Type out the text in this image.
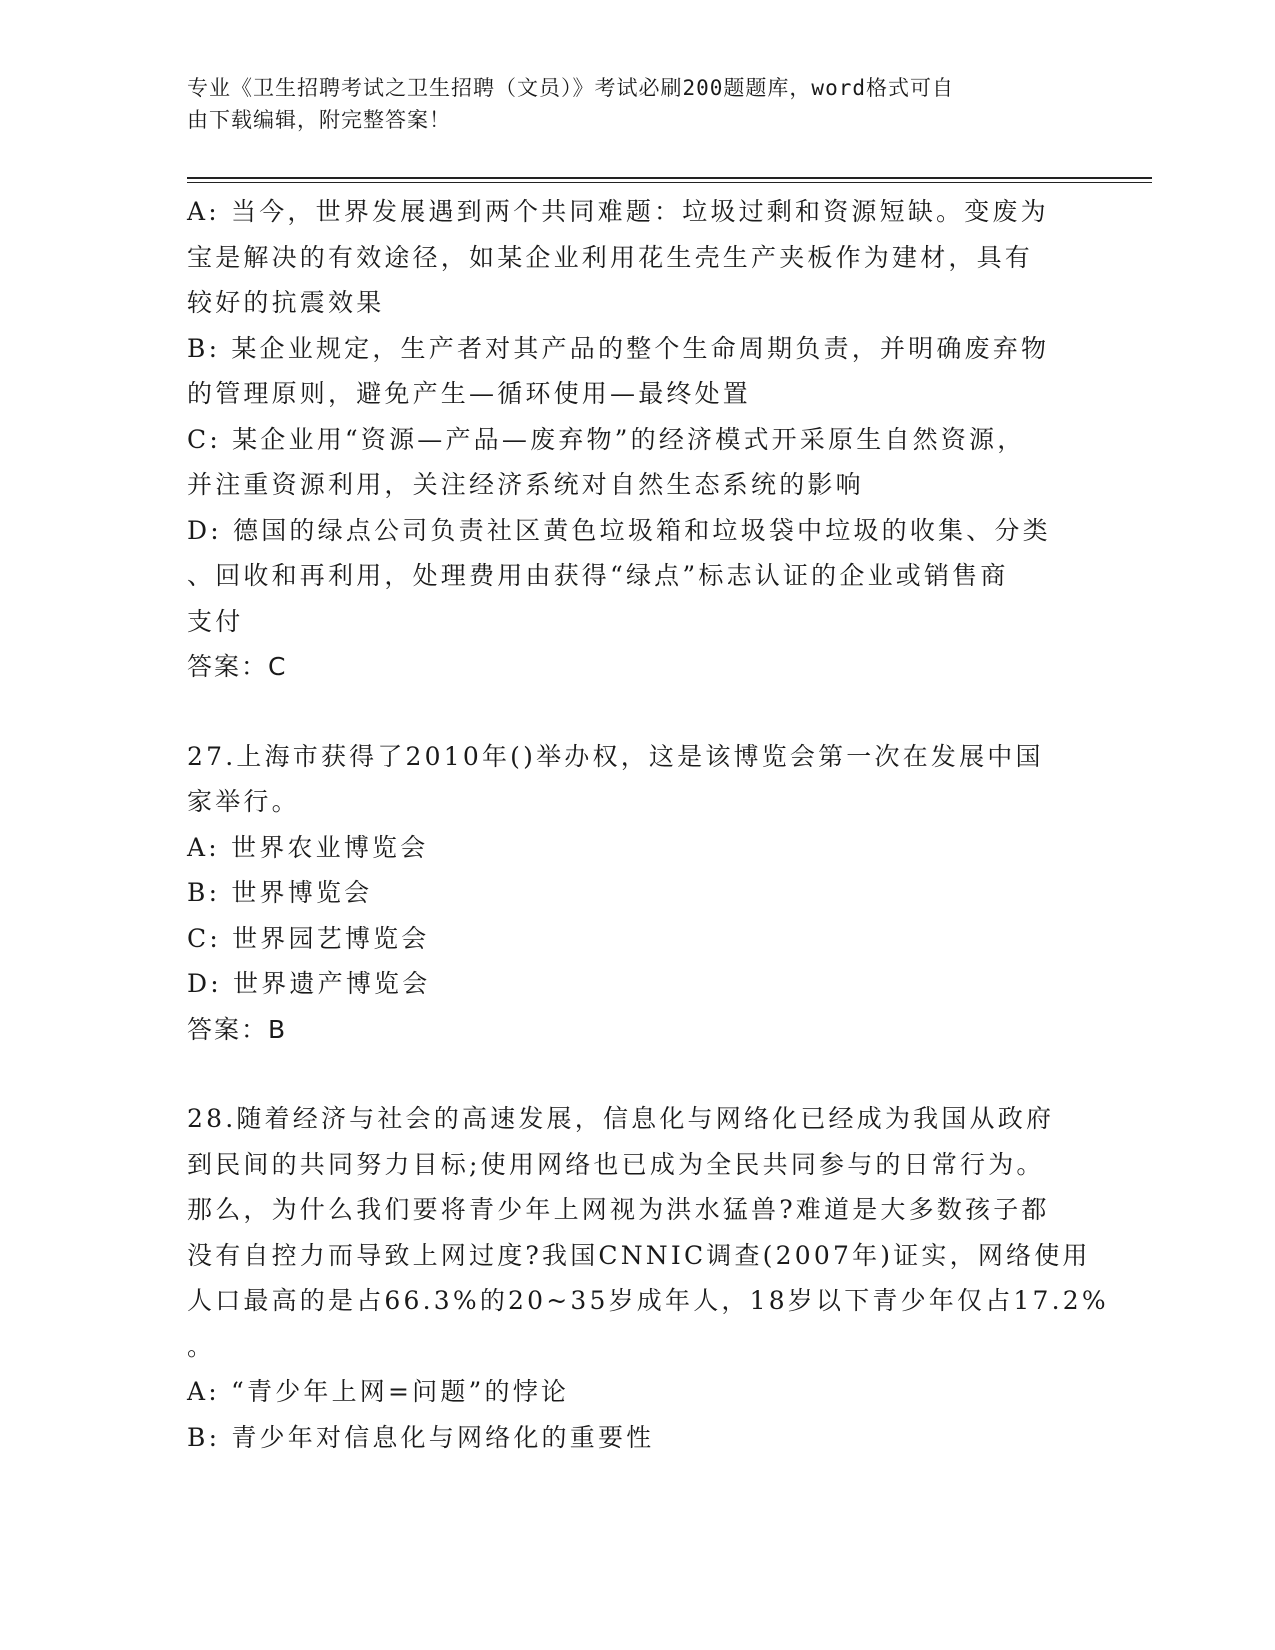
专业《卫生招聘考试之卫生招聘（文员）》考试必刷200题题库，word格式可自
由下载编辑，附完整答案！
A: 当今，世界发展遇到两个共同难题：垃圾过剩和资源短缺。变废为
宝是解决的有效途径，如某企业利用花生壳生产夹板作为建材，具有
较好的抗震效果
B: 某企业规定，生产者对其产品的整个生命周期负责，并明确废弃物
的管理原则，避免产生—循环使用—最终处置
C: 某企业用“资源—产品—废弃物”的经济模式开采原生自然资源，
并注重资源利用，关注经济系统对自然生态系统的影响
D: 德国的绿点公司负责社区黄色垃圾箱和垃圾袋中垃圾的收集、分类
、回收和再利用，处理费用由获得“绿点”标志认证的企业或销售商
支付
答案：C
27.上海市获得了2010年()举办权，这是该博览会第一次在发展中国
家举行。
A: 世界农业博览会
B: 世界博览会
C: 世界园艺博览会
D: 世界遗产博览会
答案：B
28.随着经济与社会的高速发展，信息化与网络化已经成为我国从政府
到民间的共同努力目标;使用网络也已成为全民共同参与的日常行为。
那么，为什么我们要将青少年上网视为洪水猛兽?难道是大多数孩子都
没有自控力而导致上网过度?我国CNNIC调查(2007年)证实，网络使用
人口最高的是占66.3%的20~35岁成年人，18岁以下青少年仅占17.2%
。
A: “青少年上网=问题”的悖论
B: 青少年对信息化与网络化的重要性
